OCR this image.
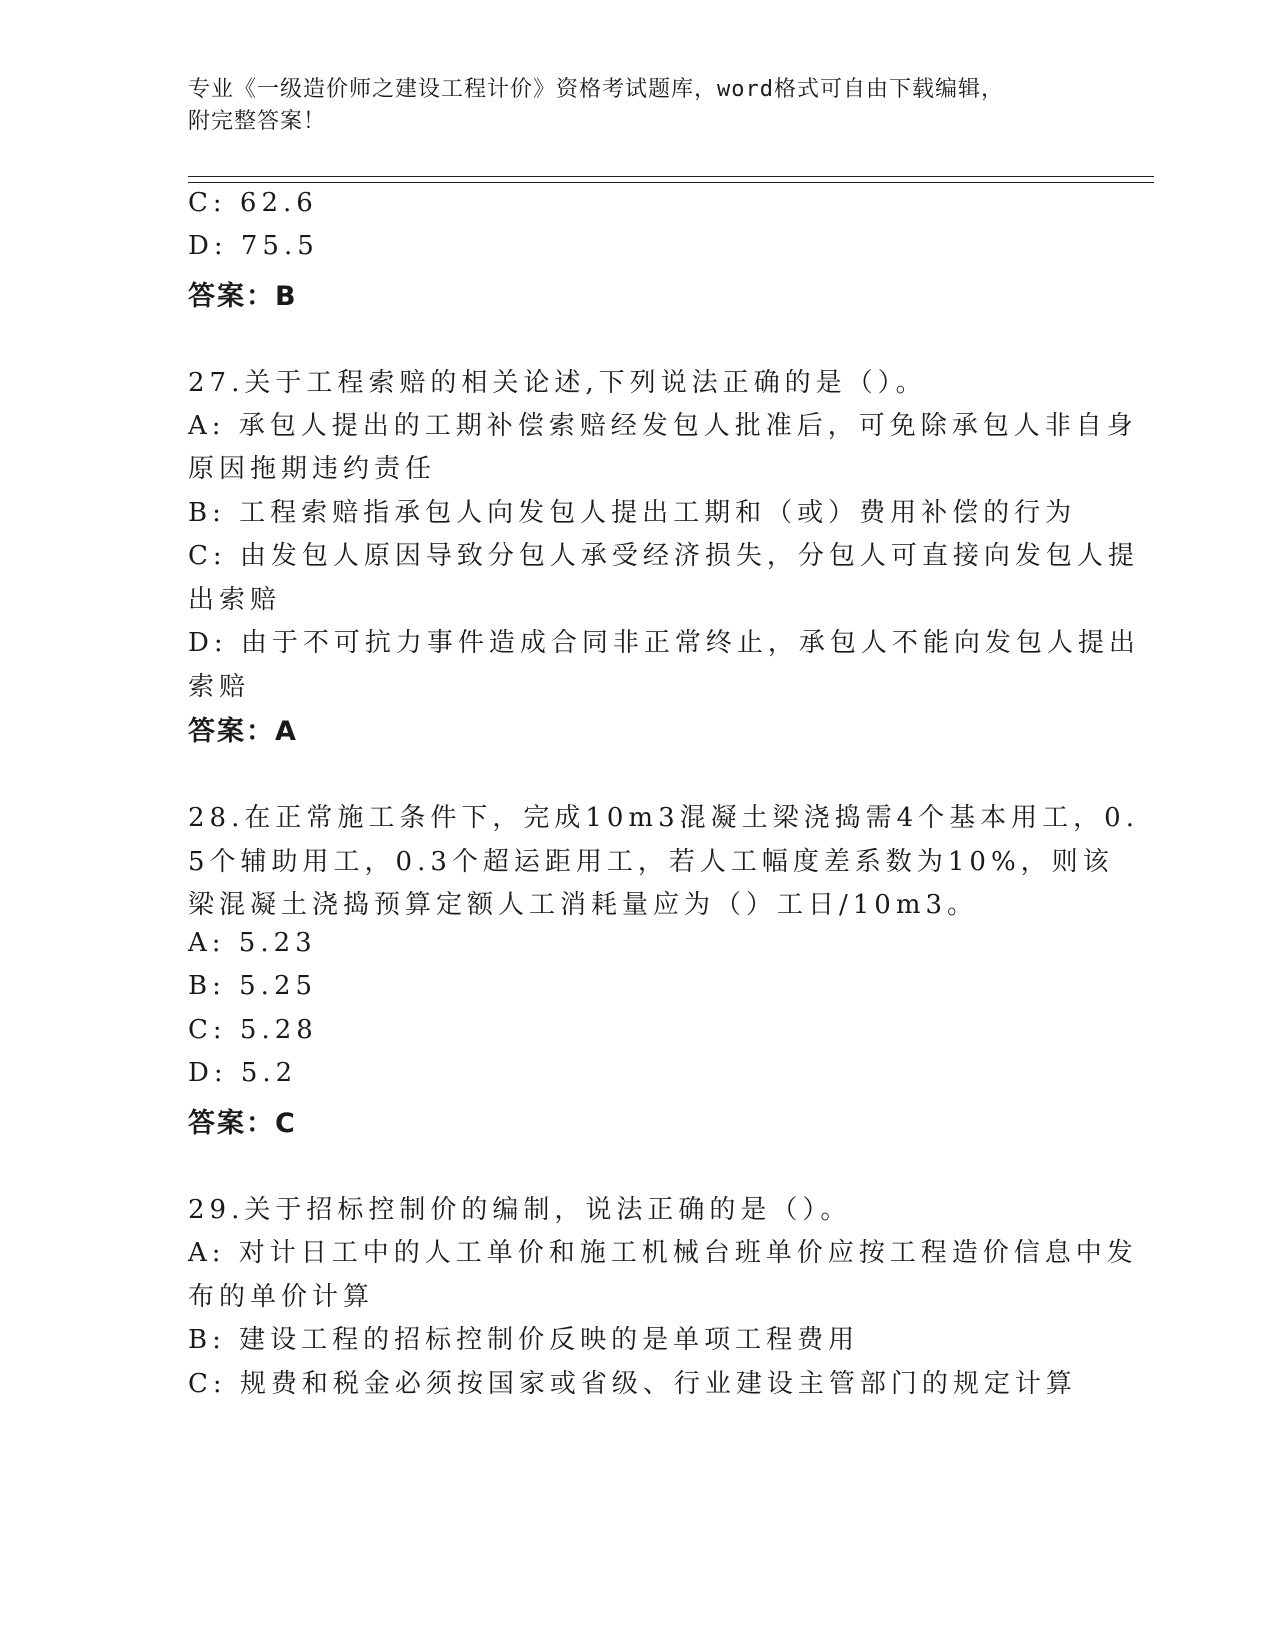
专业《一级造价师之建设工程计价》资格考试题库，word格式可自由下载编辑，
附完整答案！
C: 62.6
D: 75.5
答案：B
27.关于工程索赔的相关论述,下列说法正确的是（）。
A: 承包人提出的工期补偿索赔经发包人批准后，可免除承包人非自身
原因拖期违约责任
B: 工程索赔指承包人向发包人提出工期和（或）费用补偿的行为
C: 由发包人原因导致分包人承受经济损失，分包人可直接向发包人提
出索赔
D: 由于不可抗力事件造成合同非正常终止，承包人不能向发包人提出
索赔
答案：A
28.在正常施工条件下，完成10m3混凝土梁浇捣需4个基本用工，0.
5个辅助用工，0.3个超运距用工，若人工幅度差系数为10%，则该
梁混凝土浇捣预算定额人工消耗量应为（）工日/10m3。
A: 5.23
B: 5.25
C: 5.28
D: 5.2
答案：C
29.关于招标控制价的编制，说法正确的是（）。
A: 对计日工中的人工单价和施工机械台班单价应按工程造价信息中发
布的单价计算
B: 建设工程的招标控制价反映的是单项工程费用
C: 规费和税金必须按国家或省级、行业建设主管部门的规定计算
